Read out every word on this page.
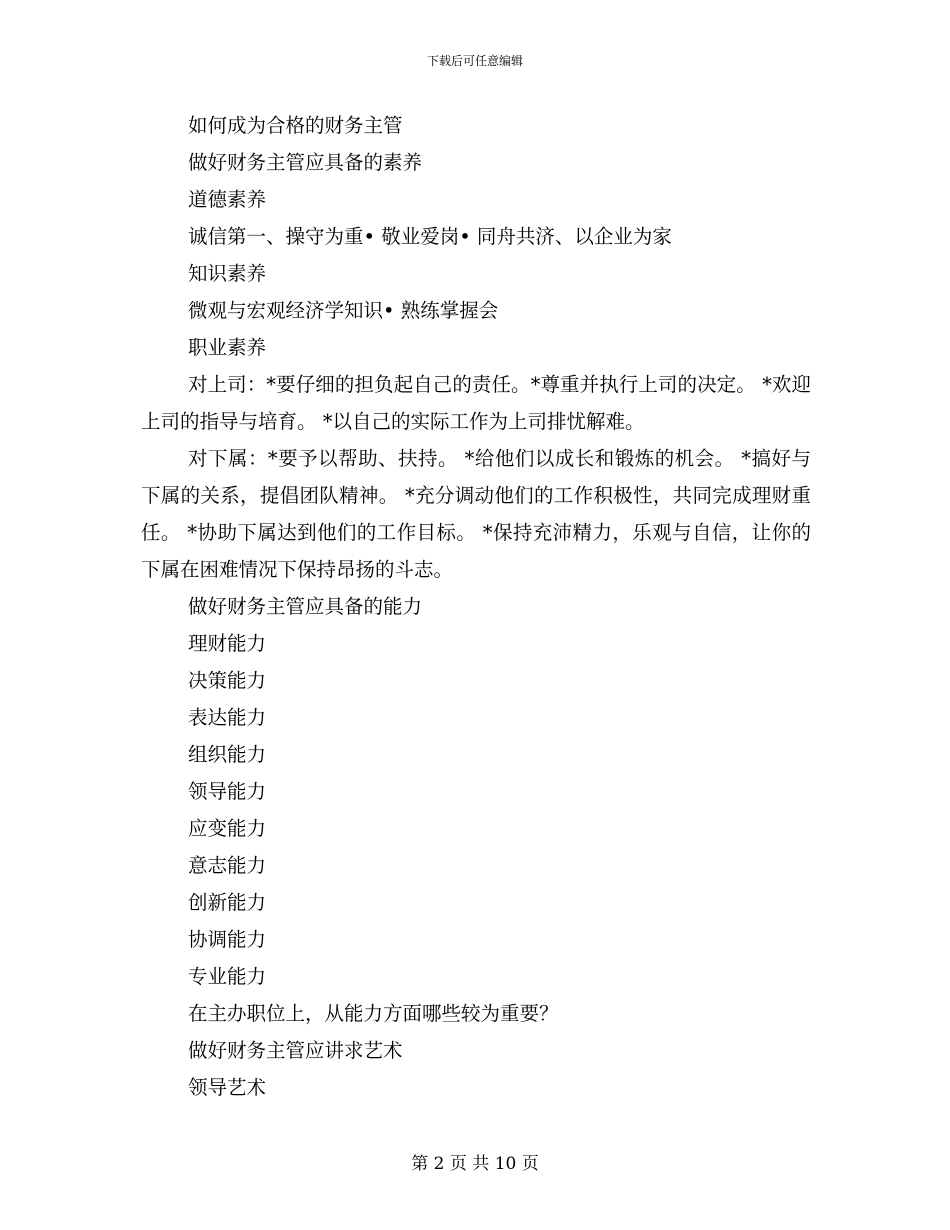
下载后可任意编辑

如何成为合格的财务主管

做好财务主管应具备的素养

道德素养

诚信第一、操守为重• 敬业爱岗• 同舟共济、以企业为家

知识素养

微观与宏观经济学知识• 熟练掌握会

职业素养

对上司：*要仔细的担负起自己的责任。*尊重并执行上司的决定。 *欢迎上司的指导与培育。 *以自己的实际工作为上司排忧解难。

对下属：*要予以帮助、扶持。 *给他们以成长和锻炼的机会。 *搞好与下属的关系，提倡团队精神。 *充分调动他们的工作积极性，共同完成理财重任。 *协助下属达到他们的工作目标。 *保持充沛精力，乐观与自信，让你的下属在困难情况下保持昂扬的斗志。

做好财务主管应具备的能力

理财能力

决策能力

表达能力

组织能力

领导能力

应变能力

意志能力

创新能力

协调能力

专业能力

在主办职位上，从能力方面哪些较为重要？

做好财务主管应讲求艺术

领导艺术

第 2 页 共 10 页
